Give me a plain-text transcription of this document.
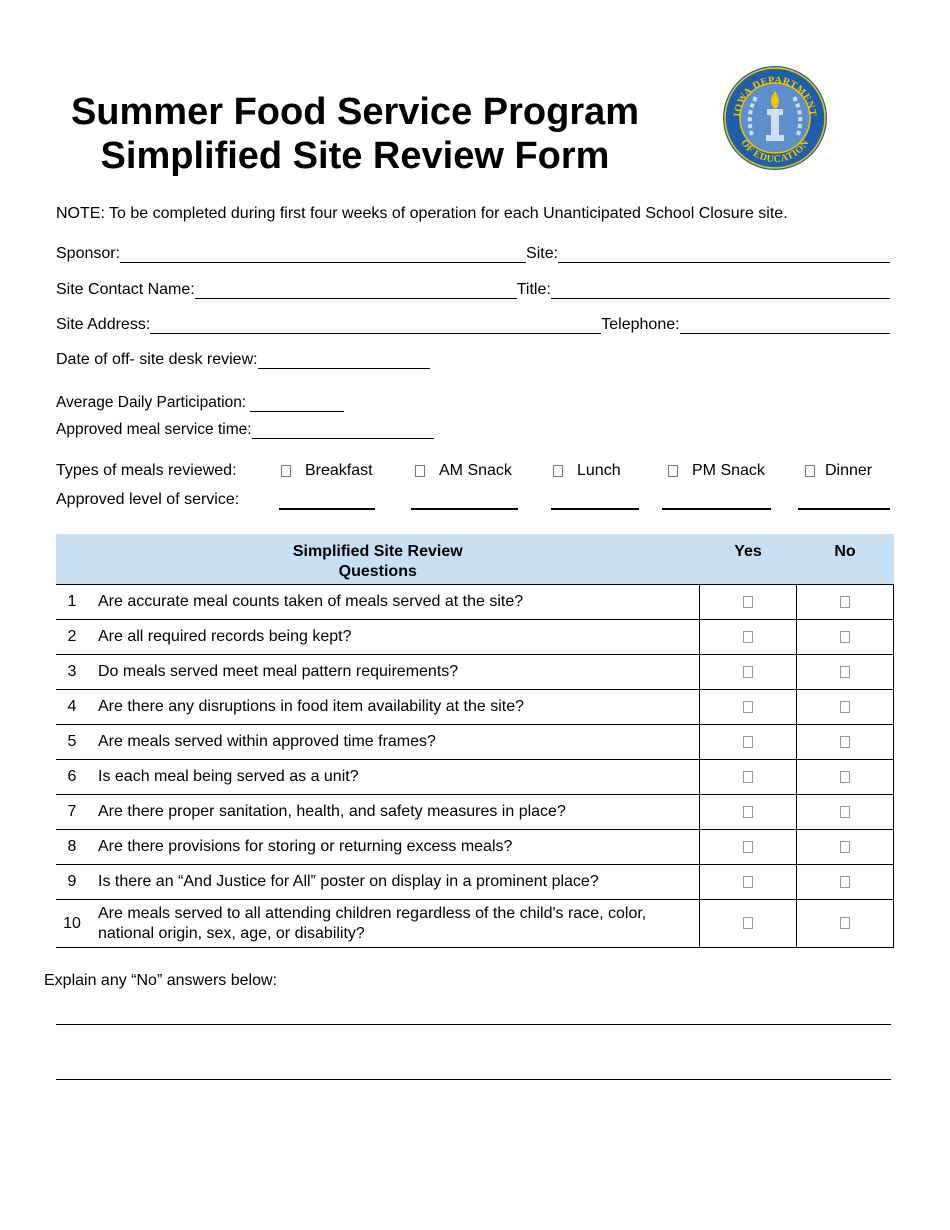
Summer Food Service Program
Simplified Site Review Form
IOWA DEPARTMENT
OF EDUCATION
NOTE: To be completed during first four weeks of operation for each Unanticipated School Closure site.
Sponsor:	Site:
Site Contact Name:	Title:
Site Address:	Telephone:
Date of off- site desk review:
Average Daily Participation:
Approved meal service time:
Types of meals reviewed:	Breakfast	AM Snack	Lunch	PM Snack	Dinner
Approved level of service:
Simplified Site Review
Questions		Yes	No
1	Are accurate meal counts taken of meals served at the site?		
2	Are all required records being kept?		
3	Do meals served meet meal pattern requirements?		
4	Are there any disruptions in food item availability at the site?		
5	Are meals served within approved time frames?		
6	Is each meal being served as a unit?		
7	Are there proper sanitation, health, and safety measures in place?		
8	Are there provisions for storing or returning excess meals?		
9	Is there an “And Justice for All” poster on display in a prominent place?		
10	Are meals served to all attending children regardless of the child's race, color, national origin, sex, age, or disability?		
Explain any “No” answers below:
